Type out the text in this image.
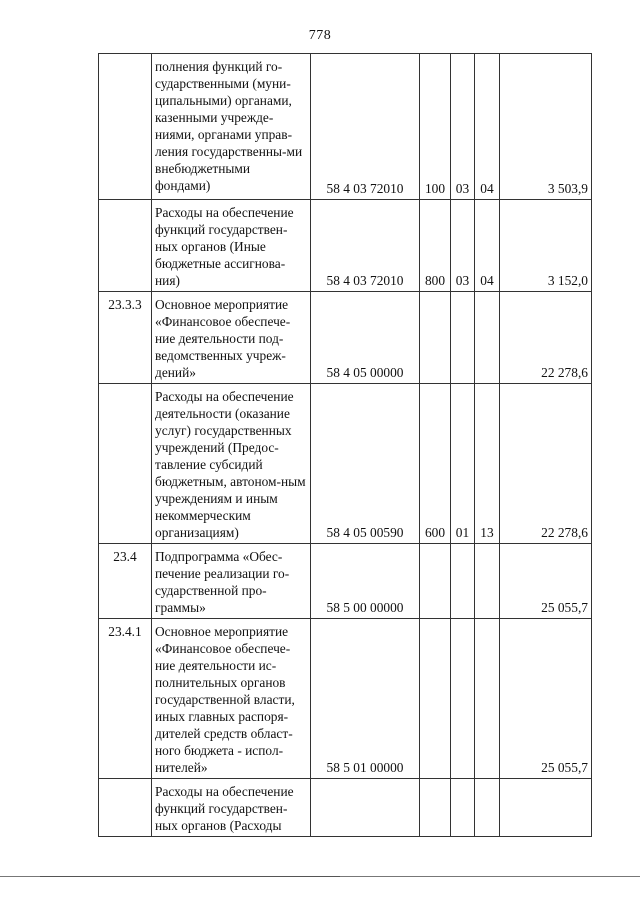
778
	полнения функций го-сударственными (муни-ципальными) органами, казенными учрежде-ниями, органами управ-ления государственны-ми внебюджетными фондами)	58 4 03 72010	100	03	04	3 503,9
	Расходы на обеспечение функций государствен-ных органов (Иные бюджетные ассигнова-ния)	58 4 03 72010	800	03	04	3 152,0
23.3.3	Основное мероприятие «Финансовое обеспече-ние деятельности под-ведомственных учреж-дений»	58 4 05 00000				22 278,6
	Расходы на обеспечение деятельности (оказание услуг) государственных учреждений (Предос-тавление субсидий бюджетным, автоном-ным учреждениям и иным некоммерческим организациям)	58 4 05 00590	600	01	13	22 278,6
23.4	Подпрограмма «Обес-печение реализации го-сударственной про-граммы»	58 5 00 00000				25 055,7
23.4.1	Основное мероприятие «Финансовое обеспече-ние деятельности ис-полнительных органов государственной власти, иных главных распоря-дителей средств област-ного бюджета - испол-нителей»	58 5 01 00000				25 055,7
	Расходы на обеспечение функций государствен-ных органов (Расходы					
